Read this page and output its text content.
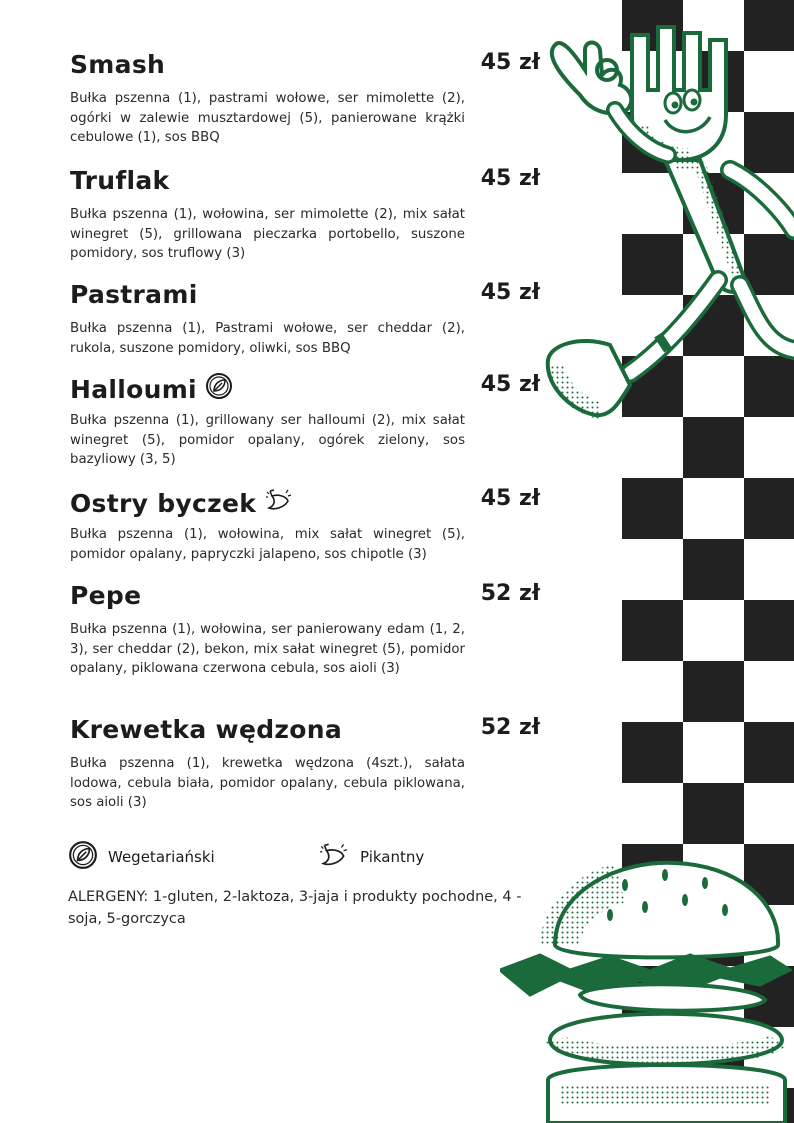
Smash	45 zł
Bułka pszenna (1), pastrami wołowe, ser mimolette (2), ogórki w zalewie musztardowej (5), panierowane krążki cebulowe (1), sos BBQ
Truflak	45 zł
Bułka pszenna (1), wołowina, ser mimolette (2), mix sałat winegret (5), grillowana pieczarka portobello, suszone pomidory, sos truflowy (3)
Pastrami	45 zł
Bułka pszenna (1), Pastrami wołowe, ser cheddar (2), rukola, suszone pomidory, oliwki, sos BBQ
Halloumi	45 zł
Bułka pszenna (1), grillowany ser halloumi (2), mix sałat winegret (5), pomidor opalany, ogórek zielony, sos bazyliowy (3, 5)
Ostry byczek	45 zł
Bułka pszenna (1), wołowina, mix sałat winegret (5), pomidor opalany, papryczki jalapeno, sos chipotle (3)
Pepe	52 zł
Bułka pszenna (1), wołowina, ser panierowany edam (1, 2, 3), ser cheddar (2), bekon, mix sałat winegret (5), pomidor opalany, piklowana czerwona cebula, sos aioli (3)
Krewetka wędzona	52 zł
Bułka pszenna (1), krewetka wędzona (4szt.), sałata lodowa, cebula biała, pomidor opalany, cebula piklowana, sos aioli (3)
Wegetariański	Pikantny
ALERGENY: 1-gluten, 2-laktoza, 3-jaja i produkty pochodne, 4 -soja, 5-gorczyca
